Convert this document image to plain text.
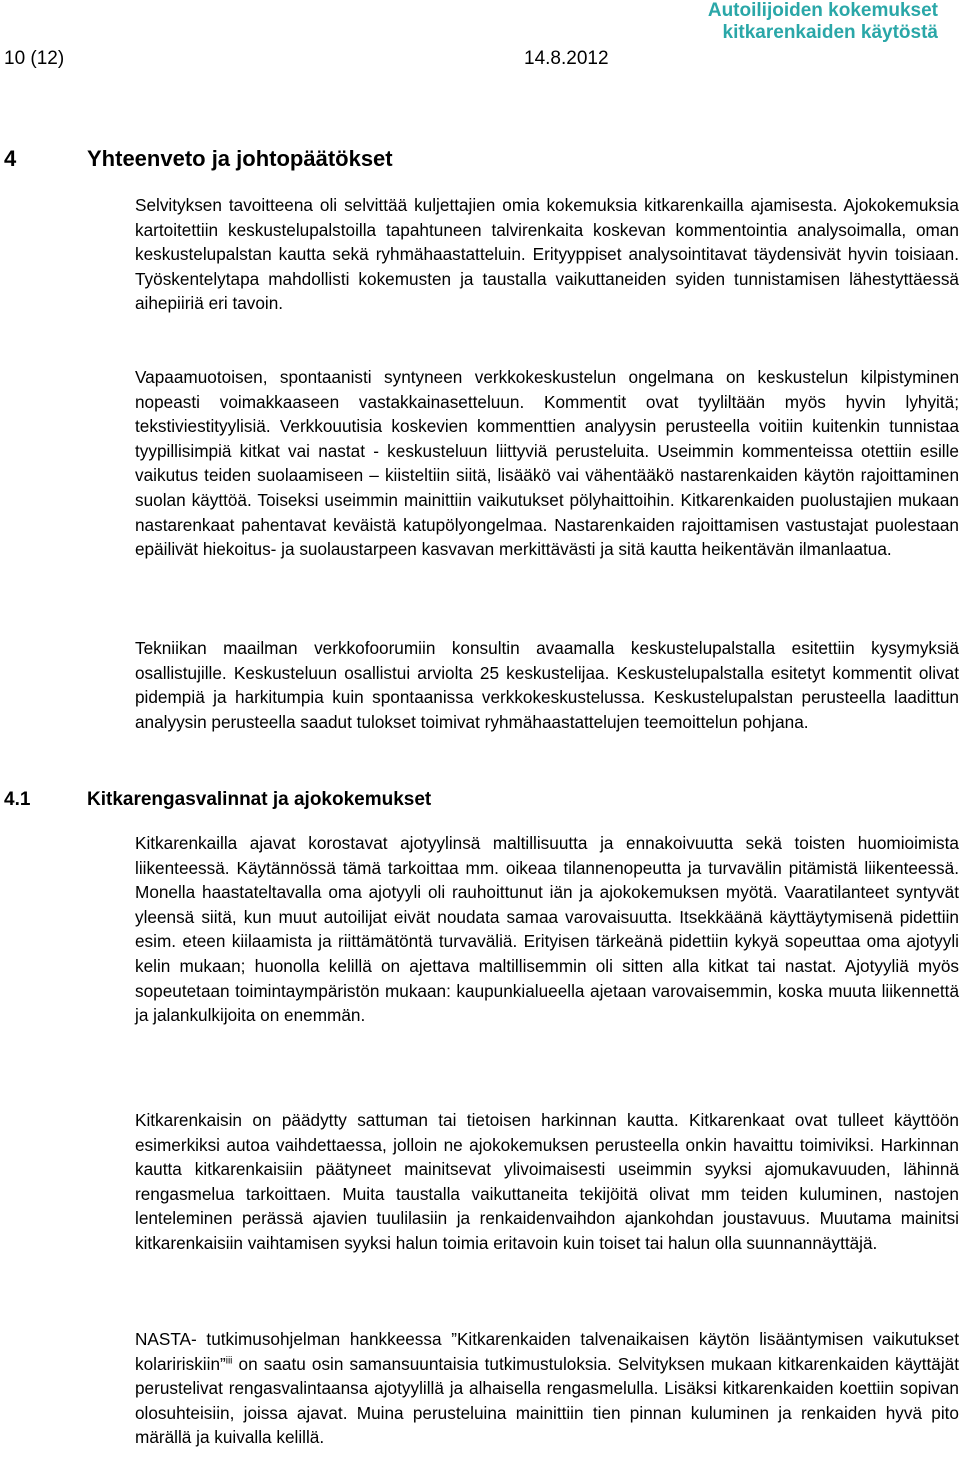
10 (12)	14.8.2012
Autoilijoiden kokemukset
kitkarenkaiden käytöstä
4	Yhteenveto ja johtopäätökset
Selvityksen tavoitteena oli selvittää kuljettajien omia kokemuksia kitkarenkailla ajamisesta. Ajokokemuksia kartoitettiin keskustelupalstoilla tapahtuneen talvirenkaita koskevan kommentointia analysoimalla, oman keskustelupalstan kautta sekä ryhmähaastatteluin. Erityyppiset analysointitavat täydensivät hyvin toisiaan. Työskentelytapa mahdollisti kokemusten ja taustalla vaikuttaneiden syiden tunnistamisen lähestyttäessä aihepiiriä eri tavoin.
Vapaamuotoisen, spontaanisti syntyneen verkkokeskustelun ongelmana on keskustelun kilpistyminen nopeasti voimakkaaseen vastakkainasetteluun. Kommentit ovat tyyliltään myös hyvin lyhyitä; tekstiviestityylisiä. Verkkouutisia koskevien kommenttien analyysin perusteella voitiin kuitenkin tunnistaa tyypillisimpiä kitkat vai nastat - keskusteluun liittyviä perusteluita. Useimmin kommenteissa otettiin esille vaikutus teiden suolaamiseen – kiisteltiin siitä, lisääkö vai vähentääkö nastarenkaiden käytön rajoittaminen suolan käyttöä. Toiseksi useimmin mainittiin vaikutukset pölyhaittoihin. Kitkarenkaiden puolustajien mukaan nastarenkaat pahentavat keväistä katupölyongelmaa. Nastarenkaiden rajoittamisen vastustajat puolestaan epäilivät hiekoitus- ja suolaustarpeen kasvavan merkittävästi ja sitä kautta heikentävän ilmanlaatua.
Tekniikan maailman verkkofoorumiin konsultin avaamalla keskustelupalstalla esitettiin kysymyksiä osallistujille. Keskusteluun osallistui arviolta 25 keskustelijaa. Keskustelupalstalla esitetyt kommentit olivat pidempiä ja harkitumpia kuin spontaanissa verkkokeskustelussa. Keskustelupalstan perusteella laadittun analyysin perusteella saadut tulokset toimivat ryhmähaastattelujen teemoittelun pohjana.
4.1	Kitkarengasvalinnat ja ajokokemukset
Kitkarenkailla ajavat korostavat ajotyylinsä maltillisuutta ja ennakoivuutta sekä toisten huomioimista liikenteessä. Käytännössä tämä tarkoittaa mm. oikeaa tilannenopeutta ja turvavälin pitämistä liikenteessä. Monella haastateltavalla oma ajotyyli oli rauhoittunut iän ja ajokokemuksen myötä. Vaaratilanteet syntyvät yleensä siitä, kun muut autoilijat eivät noudata samaa varovaisuutta. Itsekkäänä käyttäytymisenä pidettiin esim. eteen kiilaamista ja riittämätöntä turvaväliä. Erityisen tärkeänä pidettiin kykyä sopeuttaa oma ajotyyli kelin mukaan; huonolla kelillä on ajettava maltillisemmin oli sitten alla kitkat tai nastat. Ajotyyliä myös sopeutetaan toimintaympäristön mukaan: kaupunkialueella ajetaan varovaisemmin, koska muuta liikennettä ja jalankulkijoita on enemmän.
Kitkarenkaisin on päädytty sattuman tai tietoisen harkinnan kautta. Kitkarenkaat ovat tulleet käyttöön esimerkiksi autoa vaihdettaessa, jolloin ne ajokokemuksen perusteella onkin havaittu toimiviksi. Harkinnan kautta kitkarenkaisiin päätyneet mainitsevat ylivoimaisesti useimmin syyksi ajomukavuuden, lähinnä rengasmelua tarkoittaen. Muita taustalla vaikuttaneita tekijöitä olivat mm teiden kuluminen, nastojen lenteleminen perässä ajavien tuulilasiin ja renkaidenvaihdon ajankohdan joustavuus. Muutama mainitsi kitkarenkaisiin vaihtamisen syyksi halun toimia eritavoin kuin toiset tai halun olla suunnannäyttäjä.
NASTA- tutkimusohjelman hankkeessa ”Kitkarenkaiden talvenaikaisen käytön lisääntymisen vaikutukset kolaririskiin”$^{iii}$ on saatu osin samansuuntaisia tutkimustuloksia. Selvityksen mukaan kitkarenkaiden käyttäjät perustelivat rengasvalintaansa ajotyylillä ja alhaisella rengasmelulla. Lisäksi kitkarenkaiden koettiin sopivan olosuhteisiin, joissa ajavat. Muina perusteluina mainittiin tien pinnan kuluminen ja renkaiden hyvä pito märällä ja kuivalla kelillä.
